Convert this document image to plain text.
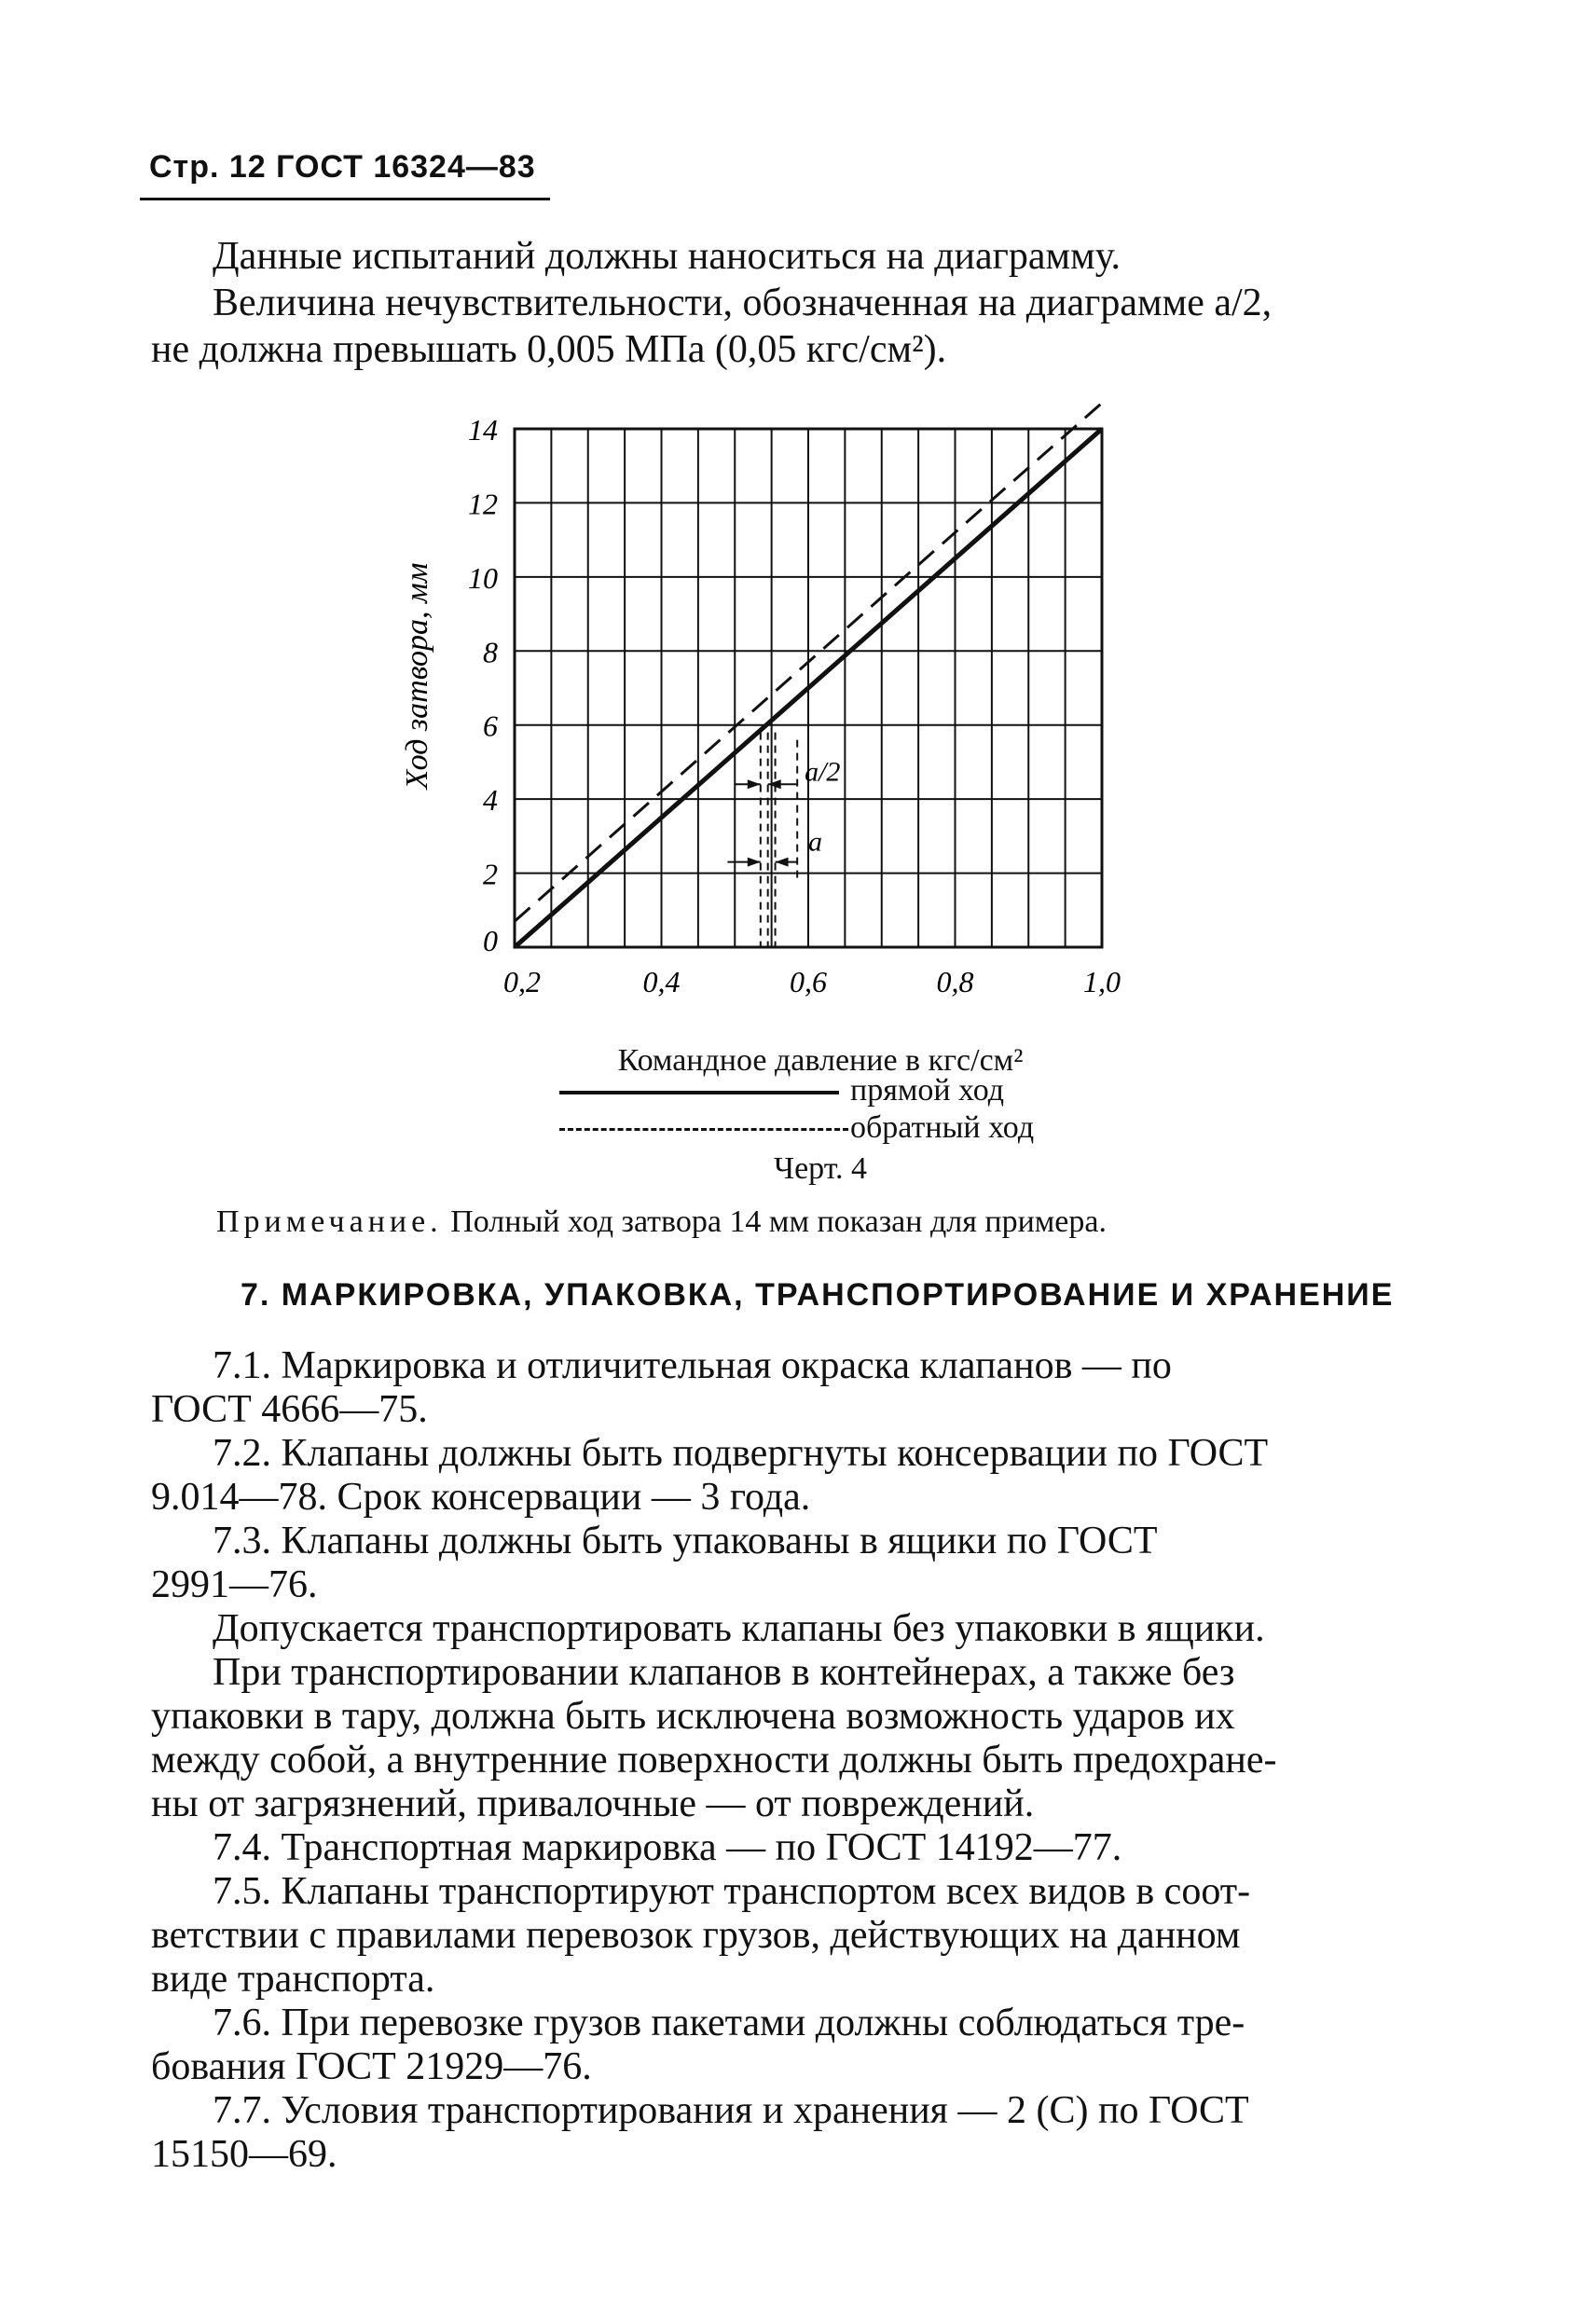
Стр. 12 ГОСТ 16324—83
Данные испытаний должны наноситься на диаграмму.
Величина нечувствительности, обозначенная на диаграмме a/2,
не должна превышать 0,005 МПа (0,05 кгс/см²).
a/2
a
0
2
4
6
8
10
12
14
0,2	0,4	0,6	0,8	1,0
Ход затвора, мм
Командное давление в кгс/см²
прямой ход
обратный ход
Черт. 4
Примечание. Полный ход затвора 14 мм показан для примера.
7. МАРКИРОВКА, УПАКОВКА, ТРАНСПОРТИРОВАНИЕ И ХРАНЕНИЕ
7.1. Маркировка и отличительная окраска клапанов — по
ГОСТ 4666—75.
7.2. Клапаны должны быть подвергнуты консервации по ГОСТ
9.014—78. Срок консервации — 3 года.
7.3. Клапаны должны быть упакованы в ящики по ГОСТ
2991—76.
Допускается транспортировать клапаны без упаковки в ящики.
При транспортировании клапанов в контейнерах, а также без
упаковки в тару, должна быть исключена возможность ударов их
между собой, а внутренние поверхности должны быть предохране-
ны от загрязнений, привалочные — от повреждений.
7.4. Транспортная маркировка — по ГОСТ 14192—77.
7.5. Клапаны транспортируют транспортом всех видов в соот-
ветствии с правилами перевозок грузов, действующих на данном
виде транспорта.
7.6. При перевозке грузов пакетами должны соблюдаться тре-
бования ГОСТ 21929—76.
7.7. Условия транспортирования и хранения — 2 (С) по ГОСТ
15150—69.
